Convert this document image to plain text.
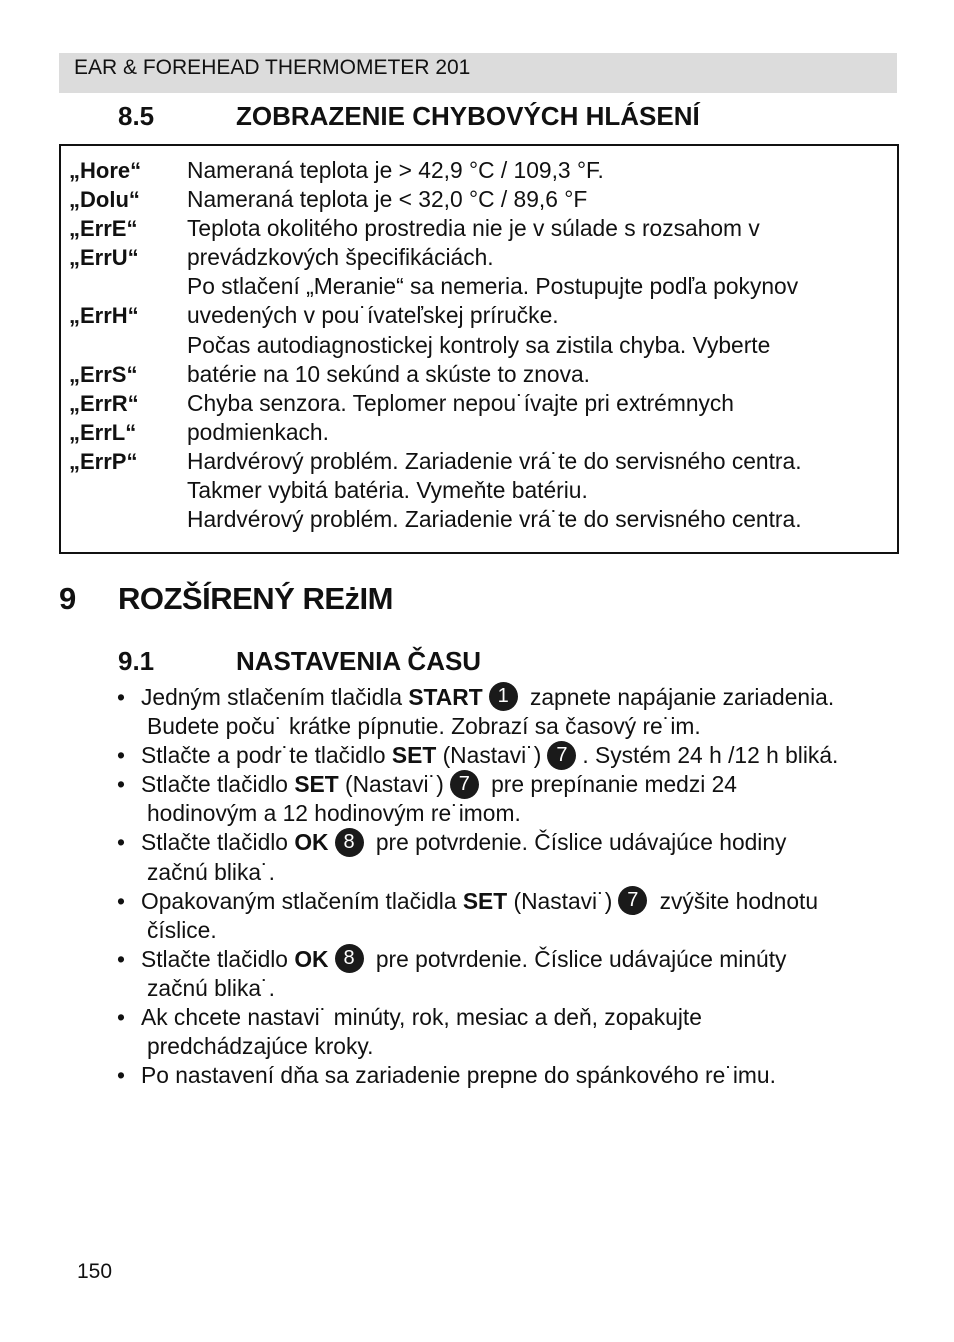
EAR & FOREHEAD THERMOMETER 201
8.5	ZOBRAZENIE CHYBOVÝCH HLÁSENÍ
„Hore“
„Dolu“
„ErrE“
„ErrU“
„ErrH“
„ErrS“
„ErrR“
„ErrL“
„ErrP“
Nameraná teplota je > 42,9 °C / 109,3 °F.
Nameraná teplota je < 32,0 °C / 89,6 °F
Teplota okolitého prostredia nie je v súlade s rozsahom v
prevádzkových špecifikáciách.
Po stlačení „Meranie“ sa nemeria. Postupujte podľa pokynov
uvedených v pou˙ívateľskej príručke.
Počas autodiagnostickej kontroly sa zistila chyba. Vyberte
batérie na 10 sekúnd a skúste to znova.
Chyba senzora. Teplomer nepou˙ívajte pri extrémnych
podmienkach.
Hardvérový problém. Zariadenie vrá˙te do servisného centra.
Takmer vybitá batéria. Vymeňte batériu.
Hardvérový problém. Zariadenie vrá˙te do servisného centra.
9 ROZŠÍRENÝ REżIM
9.1	NASTAVENIA ČASU
• Jedným stlačením tlačidla START 1 zapnete napájanie zariadenia.
Budete poču˙ krátke pípnutie. Zobrazí sa časový re˙im.
• Stlačte a podr˙te tlačidlo SET (Nastavi˙) 7 . Systém 24 h /12 h bliká.
• Stlačte tlačidlo SET (Nastavi˙) 7 pre prepínanie medzi 24
hodinovým a 12 hodinovým re˙imom.
• Stlačte tlačidlo OK 8 pre potvrdenie. Číslice udávajúce hodiny
začnú blika˙.
• Opakovaným stlačením tlačidla SET (Nastavi˙) 7 zvýšite hodnotu
číslice.
• Stlačte tlačidlo OK 8 pre potvrdenie. Číslice udávajúce minúty
začnú blika˙.
• Ak chcete nastavi˙ minúty, rok, mesiac a deň, zopakujte
predchádzajúce kroky.
• Po nastavení dňa sa zariadenie prepne do spánkového re˙imu.
150
